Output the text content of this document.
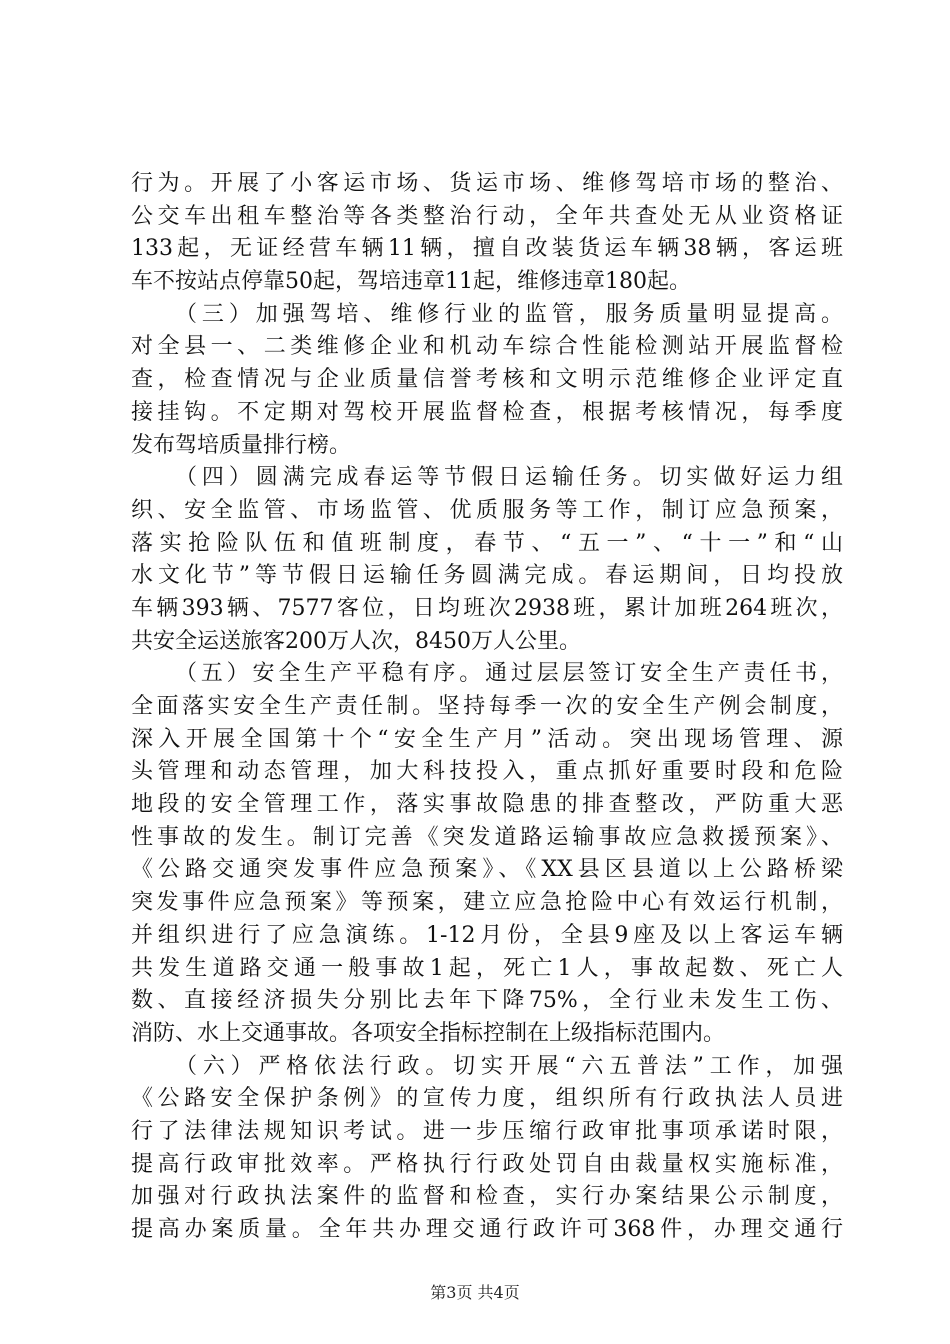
行为。开展了小客运市场、货运市场、维修驾培市场的整治、
公交车出租车整治等各类整治行动，全年共查处无从业资格证
133起，无证经营车辆11辆，擅自改装货运车辆38辆，客运班
车不按站点停靠50起，驾培违章11起，维修违章180起。
（三）加强驾培、维修行业的监管，服务质量明显提高。
对全县一、二类维修企业和机动车综合性能检测站开展监督检
查，检查情况与企业质量信誉考核和文明示范维修企业评定直
接挂钩。不定期对驾校开展监督检查，根据考核情况，每季度
发布驾培质量排行榜。
（四）圆满完成春运等节假日运输任务。切实做好运力组
织、安全监管、市场监管、优质服务等工作，制订应急预案，
落实抢险队伍和值班制度，春节、“五一”、“十一”和“山
水文化节”等节假日运输任务圆满完成。春运期间，日均投放
车辆393辆、7577客位，日均班次2938班，累计加班264班次，
共安全运送旅客200万人次，8450万人公里。
（五）安全生产平稳有序。通过层层签订安全生产责任书，
全面落实安全生产责任制。坚持每季一次的安全生产例会制度，
深入开展全国第十个“安全生产月”活动。突出现场管理、源
头管理和动态管理，加大科技投入，重点抓好重要时段和危险
地段的安全管理工作，落实事故隐患的排查整改，严防重大恶
性事故的发生。制订完善《突发道路运输事故应急救援预案》、
《公路交通突发事件应急预案》、《XX县区县道以上公路桥梁
突发事件应急预案》等预案，建立应急抢险中心有效运行机制，
并组织进行了应急演练。1-12月份，全县9座及以上客运车辆
共发生道路交通一般事故1起，死亡1人，事故起数、死亡人
数、直接经济损失分别比去年下降75%，全行业未发生工伤、
消防、水上交通事故。各项安全指标控制在上级指标范围内。
（六）严格依法行政。切实开展“六五普法”工作，加强
《公路安全保护条例》的宣传力度，组织所有行政执法人员进
行了法律法规知识考试。进一步压缩行政审批事项承诺时限，
提高行政审批效率。严格执行行政处罚自由裁量权实施标准，
加强对行政执法案件的监督和检查，实行办案结果公示制度，
提高办案质量。全年共办理交通行政许可368件，办理交通行
第3页 共4页
